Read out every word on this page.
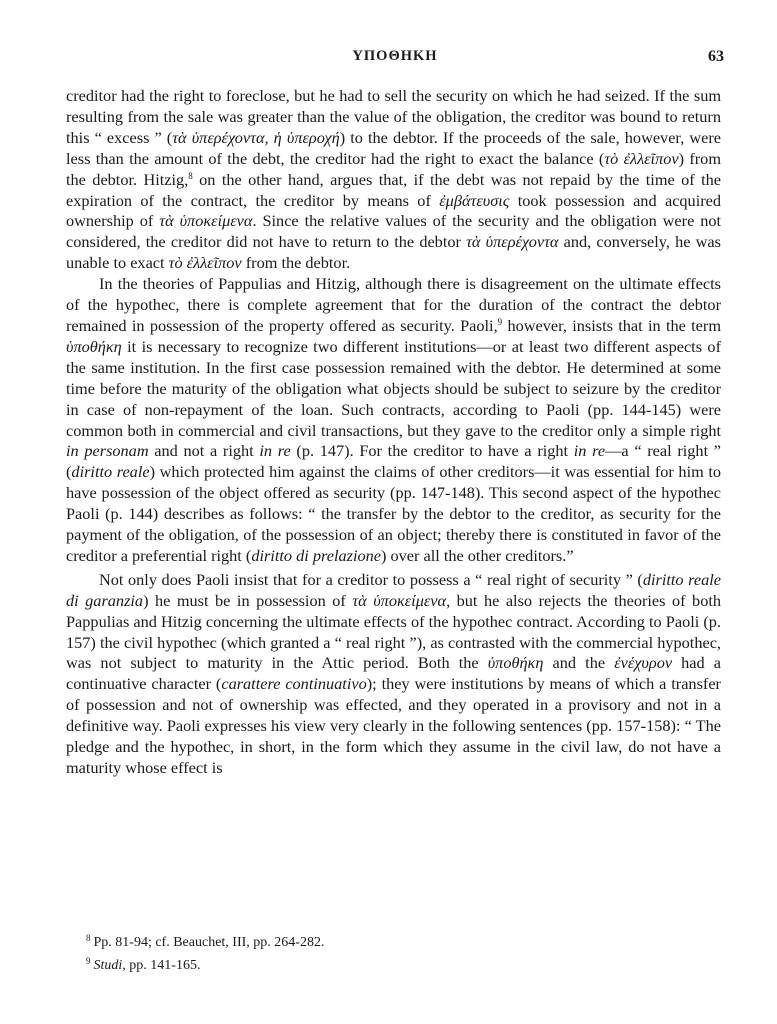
ΥΠΟΘΗΚΗ	63

creditor had the right to foreclose, but he had to sell the security on which he had seized. If the sum resulting from the sale was greater than the value of the obligation, the creditor was bound to return this “ excess ” (τὰ ὑπερέχοντα, ἡ ὑπεροχή) to the debtor. If the proceeds of the sale, however, were less than the amount of the debt, the creditor had the right to exact the balance (τὸ ἐλλεῖπον) from the debtor. Hitzig,$^8$ on the other hand, argues that, if the debt was not repaid by the time of the expiration of the contract, the creditor by means of ἐμβάτευσις took possession and acquired ownership of τὰ ὑποκείμενα. Since the relative values of the security and the obligation were not considered, the creditor did not have to return to the debtor τὰ ὑπερέχοντα and, conversely, he was unable to exact τὸ ἐλλεῖπον from the debtor.

In the theories of Pappulias and Hitzig, although there is disagreement on the ultimate effects of the hypothec, there is complete agreement that for the duration of the contract the debtor remained in possession of the property offered as security. Paoli,$^9$ however, insists that in the term ὑποθήκη it is necessary to recognize two different institutions—or at least two different aspects of the same institution. In the first case possession remained with the debtor. He determined at some time before the maturity of the obligation what objects should be subject to seizure by the creditor in case of non-repayment of the loan. Such contracts, according to Paoli (pp. 144-145) were common both in commercial and civil transactions, but they gave to the creditor only a simple right in personam and not a right in re (p. 147). For the creditor to have a right in re—a “ real right ” (diritto reale) which protected him against the claims of other creditors—it was essential for him to have possession of the object offered as security (pp. 147-148). This second aspect of the hypothec Paoli (p. 144) describes as follows: “ the transfer by the debtor to the creditor, as security for the payment of the obligation, of the possession of an object; thereby there is constituted in favor of the creditor a preferential right (diritto di prelazione) over all the other creditors.”

Not only does Paoli insist that for a creditor to possess a “ real right of security ” (diritto reale di garanzia) he must be in possession of τὰ ὑποκείμενα, but he also rejects the theories of both Pappulias and Hitzig concerning the ultimate effects of the hypothec contract. According to Paoli (p. 157) the civil hypothec (which granted a “ real right ”), as contrasted with the commercial hypothec, was not subject to maturity in the Attic period. Both the ὑποθήκη and the ἐνέχυρον had a continuative character (carattere continuativo); they were institutions by means of which a transfer of possession and not of ownership was effected, and they operated in a provisory and not in a definitive way. Paoli expresses his view very clearly in the following sentences (pp. 157-158): “ The pledge and the hypothec, in short, in the form which they assume in the civil law, do not have a maturity whose effect is

$^8$ Pp. 81-94; cf. Beauchet, III, pp. 264-282.

$^9$ Studi, pp. 141-165.
